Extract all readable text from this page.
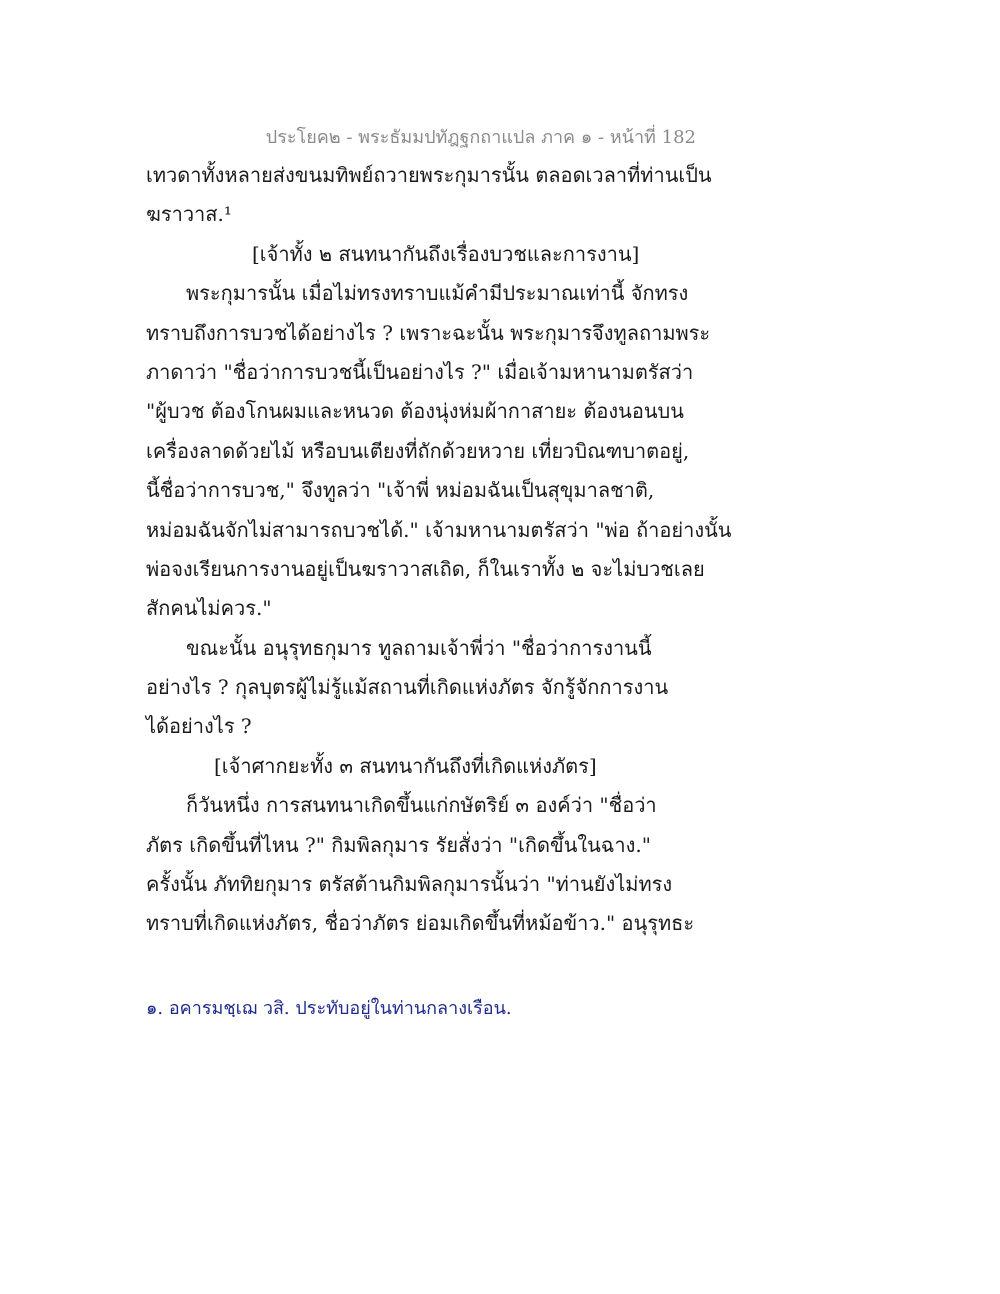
ประโยค๒ - พระธัมมปทัฎฐกถาแปล ภาค ๑ - หน้าที่ 182
เทวดาทั้งหลายส่งขนมทิพย์ถวายพระกุมารนั้น ตลอดเวลาที่ท่านเป็น
ฆราวาส.¹
[เจ้าทั้ง ๒ สนทนากันถึงเรื่องบวชและการงาน]
พระกุมารนั้น เมื่อไม่ทรงทราบแม้คำมีประมาณเท่านี้ จักทรง
ทราบถึงการบวชได้อย่างไร ? เพราะฉะนั้น พระกุมารจึงทูลถามพระ
ภาดาว่า "ชื่อว่าการบวชนี้เป็นอย่างไร ?" เมื่อเจ้ามหานามตรัสว่า
"ผู้บวช ต้องโกนผมและหนวด ต้องนุ่งห่มผ้ากาสายะ ต้องนอนบน
เครื่องลาดด้วยไม้ หรือบนเตียงที่ถักด้วยหวาย เที่ยวบิณฑบาตอยู่,
นี้ชื่อว่าการบวช," จึงทูลว่า "เจ้าพี่ หม่อมฉันเป็นสุขุมาลชาติ,
หม่อมฉันจักไม่สามารถบวชได้." เจ้ามหานามตรัสว่า "พ่อ ถ้าอย่างนั้น
พ่อจงเรียนการงานอยู่เป็นฆราวาสเถิด, ก็ในเราทั้ง ๒ จะไม่บวชเลย
สักคนไม่ควร."
ขณะนั้น อนุรุทธกุมาร ทูลถามเจ้าพี่ว่า "ชื่อว่าการงานนี้
อย่างไร ? กุลบุตรผู้ไม่รู้แม้สถานที่เกิดแห่งภัตร จักรู้จักการงาน
ได้อย่างไร ?
[เจ้าศากยะทั้ง ๓ สนทนากันถึงที่เกิดแห่งภัตร]
ก็วันหนึ่ง การสนทนาเกิดขึ้นแก่กษัตริย์ ๓ องค์ว่า "ชื่อว่า
ภัตร เกิดขึ้นที่ไหน ?" กิมพิลกุมาร รัยสั่งว่า "เกิดขึ้นในฉาง."
ครั้งนั้น ภัททิยกุมาร ตรัสต้านกิมพิลกุมารนั้นว่า "ท่านยังไม่ทรง
ทราบที่เกิดแห่งภัตร, ชื่อว่าภัตร ย่อมเกิดขึ้นที่หม้อข้าว." อนุรุทธะ
๑. อคารมชฺเฌ วสิ. ประทับอยู่ในท่านกลางเรือน.
